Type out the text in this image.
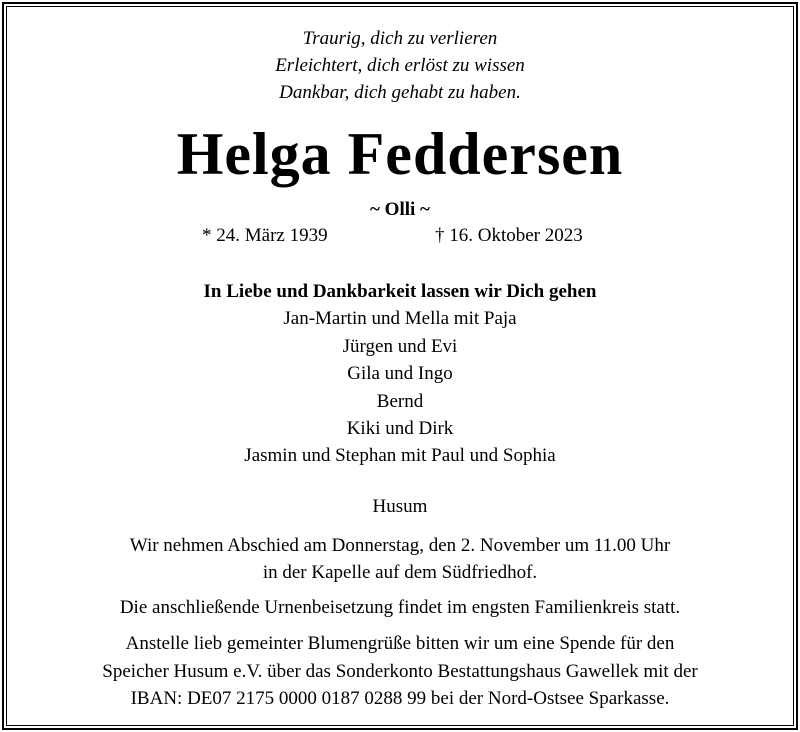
Traurig, dich zu verlieren
Erleichtert, dich erlöst zu wissen
Dankbar, dich gehabt zu haben.
Helga Feddersen
~ Olli ~
* 24. März 1939	† 16. Oktober 2023
In Liebe und Dankbarkeit lassen wir Dich gehen
Jan-Martin und Mella mit Paja
Jürgen und Evi
Gila und Ingo
Bernd
Kiki und Dirk
Jasmin und Stephan mit Paul und Sophia
Husum
Wir nehmen Abschied am Donnerstag, den 2. November um 11.00 Uhr
in der Kapelle auf dem Südfriedhof.
Die anschließende Urnenbeisetzung findet im engsten Familienkreis statt.
Anstelle lieb gemeinter Blumengrüße bitten wir um eine Spende für den
Speicher Husum e.V. über das Sonderkonto Bestattungshaus Gawellek mit der
IBAN: DE07 2175 0000 0187 0288 99 bei der Nord-Ostsee Sparkasse.
